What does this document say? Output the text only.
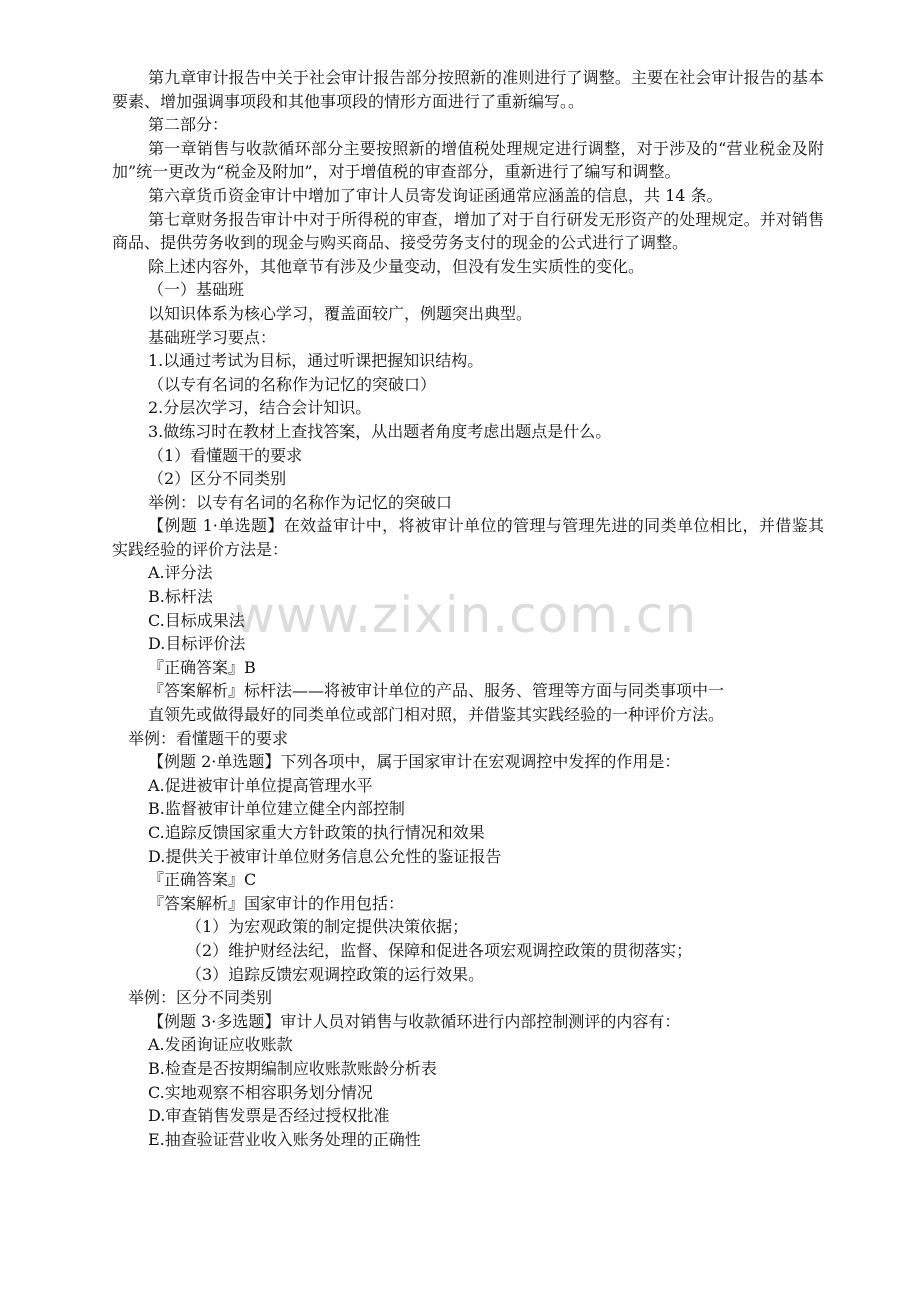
www.zixin.com.cn

第九章审计报告中关于社会审计报告部分按照新的准则进行了调整。主要在社会审计报告的基本要素、增加强调事项段和其他事项段的情形方面进行了重新编写。。

第二部分：

第一章销售与收款循环部分主要按照新的增值税处理规定进行调整，对于涉及的“营业税金及附加”统一更改为“税金及附加”，对于增值税的审查部分，重新进行了编写和调整。

第六章货币资金审计中增加了审计人员寄发询证函通常应涵盖的信息，共 14 条。

第七章财务报告审计中对于所得税的审查，增加了对于自行研发无形资产的处理规定。并对销售商品、提供劳务收到的现金与购买商品、接受劳务支付的现金的公式进行了调整。

除上述内容外，其他章节有涉及少量变动，但没有发生实质性的变化。

（一）基础班

以知识体系为核心学习，覆盖面较广，例题突出典型。

基础班学习要点：

1.以通过考试为目标，通过听课把握知识结构。

（以专有名词的名称作为记忆的突破口）

2.分层次学习，结合会计知识。

3.做练习时在教材上查找答案，从出题者角度考虑出题点是什么。

（1）看懂题干的要求

（2）区分不同类别

举例：以专有名词的名称作为记忆的突破口

【例题 1·单选题】在效益审计中，将被审计单位的管理与管理先进的同类单位相比，并借鉴其实践经验的评价方法是：

A.评分法

B.标杆法

C.目标成果法

D.目标评价法

『正确答案』B

『答案解析』标杆法——将被审计单位的产品、服务、管理等方面与同类事项中一

直领先或做得最好的同类单位或部门相对照，并借鉴其实践经验的一种评价方法。

举例：看懂题干的要求

【例题 2·单选题】下列各项中，属于国家审计在宏观调控中发挥的作用是：

A.促进被审计单位提高管理水平

B.监督被审计单位建立健全内部控制

C.追踪反馈国家重大方针政策的执行情况和效果

D.提供关于被审计单位财务信息公允性的鉴证报告

『正确答案』C

『答案解析』国家审计的作用包括：

（1）为宏观政策的制定提供决策依据；

（2）维护财经法纪，监督、保障和促进各项宏观调控政策的贯彻落实；

（3）追踪反馈宏观调控政策的运行效果。

举例：区分不同类别

【例题 3·多选题】审计人员对销售与收款循环进行内部控制测评的内容有：

A.发函询证应收账款

B.检查是否按期编制应收账款账龄分析表

C.实地观察不相容职务划分情况

D.审查销售发票是否经过授权批准

E.抽查验证营业收入账务处理的正确性
